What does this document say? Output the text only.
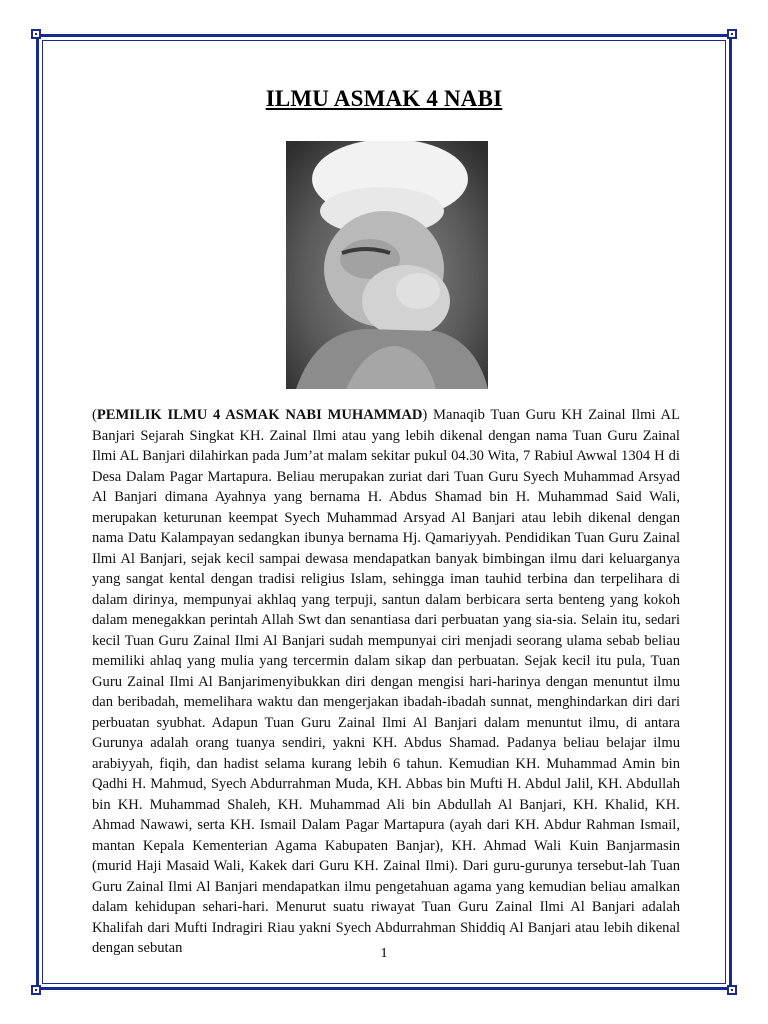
ILMU ASMAK 4 NABI
(PEMILIK ILMU 4 ASMAK NABI MUHAMMAD) Manaqib Tuan Guru KH Zainal Ilmi AL Banjari Sejarah Singkat KH. Zainal Ilmi atau yang lebih dikenal dengan nama Tuan Guru Zainal Ilmi AL Banjari dilahirkan pada Jum’at malam sekitar pukul 04.30 Wita, 7 Rabiul Awwal 1304 H di Desa Dalam Pagar Martapura. Beliau merupakan zuriat dari Tuan Guru Syech Muhammad Arsyad Al Banjari dimana Ayahnya yang bernama H. Abdus Shamad bin H. Muhammad Said Wali, merupakan keturunan keempat Syech Muhammad Arsyad Al Banjari atau lebih dikenal dengan nama Datu Kalampayan sedangkan ibunya bernama Hj. Qamariyyah. Pendidikan Tuan Guru Zainal Ilmi Al Banjari, sejak kecil sampai dewasa mendapatkan banyak bimbingan ilmu dari keluarganya yang sangat kental dengan tradisi religius Islam, sehingga iman tauhid terbina dan terpelihara di dalam dirinya, mempunyai akhlaq yang terpuji, santun dalam berbicara serta benteng yang kokoh dalam menegakkan perintah Allah Swt dan senantiasa dari perbuatan yang sia-sia. Selain itu, sedari kecil Tuan Guru Zainal Ilmi Al Banjari sudah mempunyai ciri menjadi seorang ulama sebab beliau memiliki ahlaq yang mulia yang tercermin dalam sikap dan perbuatan. Sejak kecil itu pula, Tuan Guru Zainal Ilmi Al Banjarimenyibukkan diri dengan mengisi hari-harinya dengan menuntut ilmu dan beribadah, memelihara waktu dan mengerjakan ibadah-ibadah sunnat, menghindarkan diri dari perbuatan syubhat. Adapun Tuan Guru Zainal Ilmi Al Banjari dalam menuntut ilmu, di antara Gurunya adalah orang tuanya sendiri, yakni KH. Abdus Shamad. Padanya beliau belajar ilmu arabiyyah, fiqih, dan hadist selama kurang lebih 6 tahun. Kemudian KH. Muhammad Amin bin Qadhi H. Mahmud, Syech Abdurrahman Muda, KH. Abbas bin Mufti H. Abdul Jalil, KH. Abdullah bin KH. Muhammad Shaleh, KH. Muhammad Ali bin Abdullah Al Banjari, KH. Khalid, KH. Ahmad Nawawi, serta KH. Ismail Dalam Pagar Martapura (ayah dari KH. Abdur Rahman Ismail, mantan Kepala Kementerian Agama Kabupaten Banjar), KH. Ahmad Wali Kuin Banjarmasin (murid Haji Masaid Wali, Kakek dari Guru KH. Zainal Ilmi). Dari guru-gurunya tersebut-lah Tuan Guru Zainal Ilmi Al Banjari mendapatkan ilmu pengetahuan agama yang kemudian beliau amalkan dalam kehidupan sehari-hari. Menurut suatu riwayat Tuan Guru Zainal Ilmi Al Banjari adalah Khalifah dari Mufti Indragiri Riau yakni Syech Abdurrahman Shiddiq Al Banjari atau lebih dikenal dengan sebutan	1
